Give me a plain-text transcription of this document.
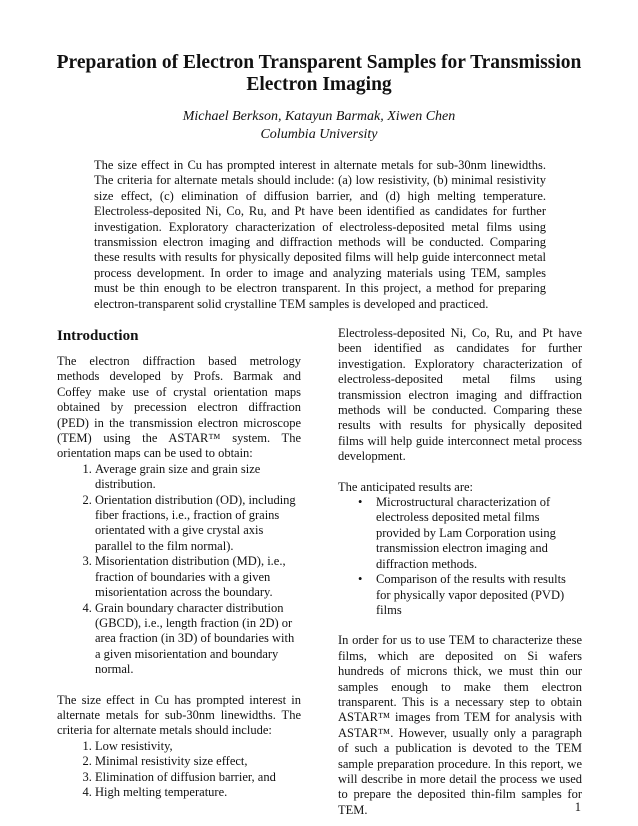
Preparation of Electron Transparent Samples for Transmission Electron Imaging
Michael Berkson, Katayun Barmak, Xiwen Chen
Columbia University

The size effect in Cu has prompted interest in alternate metals for sub-30nm linewidths. The criteria for alternate metals should include: (a) low resistivity, (b) minimal resistivity size effect, (c) elimination of diffusion barrier, and (d) high melting temperature. Electroless-deposited Ni, Co, Ru, and Pt have been identified as candidates for further investigation. Exploratory characterization of electroless-deposited metal films using transmission electron imaging and diffraction methods will be conducted. Comparing these results with results for physically deposited films will help guide interconnect metal process development. In order to image and analyzing materials using TEM, samples must be thin enough to be electron transparent. In this project, a method for preparing electron-transparent solid crystalline TEM samples is developed and practiced.

Introduction

The electron diffraction based metrology methods developed by Profs. Barmak and Coffey make use of crystal orientation maps obtained by precession electron diffraction (PED) in the transmission electron microscope (TEM) using the ASTAR™ system. The orientation maps can be used to obtain:

1. Average grain size and grain size distribution.
2. Orientation distribution (OD), including fiber fractions, i.e., fraction of grains orientated with a give crystal axis parallel to the film normal).
3. Misorientation distribution (MD), i.e., fraction of boundaries with a given misorientation across the boundary.
4. Grain boundary character distribution (GBCD), i.e., length fraction (in 2D) or area fraction (in 3D) of boundaries with a given misorientation and boundary normal.

The size effect in Cu has prompted interest in alternate metals for sub-30nm linewidths. The criteria for alternate metals should include:

1. Low resistivity,
2. Minimal resistivity size effect,
3. Elimination of diffusion barrier, and
4. High melting temperature.

Electroless-deposited Ni, Co, Ru, and Pt have been identified as candidates for further investigation. Exploratory characterization of electroless-deposited metal films using transmission electron imaging and diffraction methods will be conducted. Comparing these results with results for physically deposited films will help guide interconnect metal process development.

The anticipated results are:

• Microstructural characterization of electroless deposited metal films provided by Lam Corporation using transmission electron imaging and diffraction methods.
• Comparison of the results with results for physically vapor deposited (PVD) films

In order for us to use TEM to characterize these films, which are deposited on Si wafers hundreds of microns thick, we must thin our samples enough to make them electron transparent. This is a necessary step to obtain ASTAR™ images from TEM for analysis with ASTAR™. However, usually only a paragraph of such a publication is devoted to the TEM sample preparation procedure. In this report, we will describe in more detail the process we used to prepare the deposited thin-film samples for TEM.	1
